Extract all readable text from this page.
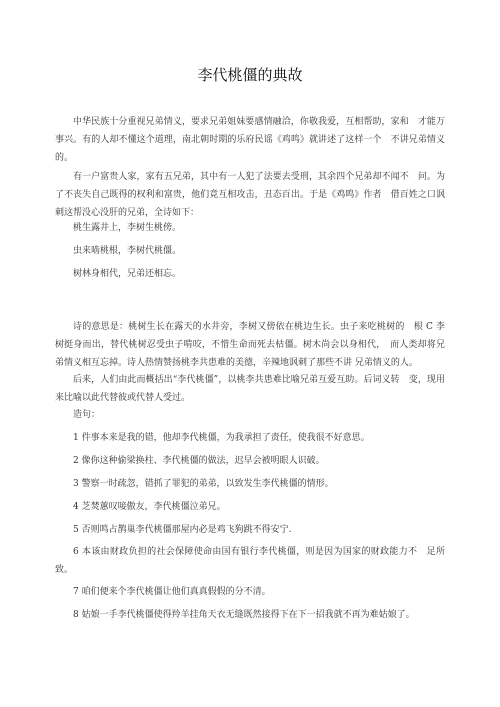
李代桃僵的典故
中华民族十分重视兄弟情义，要求兄弟姐妹要感情融洽，你敬我爱，互相帮助，家和　才能万事兴。有的人却不懂这个道理，南北朝时期的乐府民谣《鸡鸣》就讲述了这样一个　不讲兄弟情义的。
有一户富贵人家，家有五兄弟，其中有一人犯了法要去受刑，其余四个兄弟却不闻不　问。为了不丧失自己既得的权利和富贵，他们竟互相攻击，丑态百出。于是《鸡鸣》作者　借百姓之口讽刺这帮没心没肝的兄弟，全诗如下：
桃生露井上，李树生桃傍。
虫来啮桃根，李树代桃僵。
树林身相代，兄弟还相忘。
诗的意思是：桃树生长在露天的水井旁，李树又傍依在桃边生长。虫子来吃桃树的　根 C 李树挺身而出，替代桃树忍受虫子啃咬，不惜生命而死去枯僵。树木尚会以身相代，　而人类却将兄弟情义相互忘掉。诗人热情赞扬桃李共患难的美德，辛辣地讽刺了那些不讲 兄弟情义的人。
后来，人们由此而概括出“李代桃僵”，以桃李共患难比喻兄弟互爱互助。后词义转　变，现用来比喻以此代替彼或代替人受过。
造句：
1 件事本来是我的错，他却李代桃僵，为我承担了责任，使我很不好意思。
2 像你这种偷梁换柱、李代桃僵的做法，迟早会被明眼人识破。
3 警察一时疏忽，错抓了罪犯的弟弟，以致发生李代桃僵的情形。
4 芝焚蕙叹唼傲友，李代桃僵泣弟兄。
5 否则鸣占鹊巢李代桃僵那屋内必是鸡飞狗跳不得安宁.
6 本该由财政负担的社会保障使命由国有银行李代桃僵，则是因为国家的财政能力不　足所致。
7 咱们便来个李代桃僵让他们真真假假的分不清。
8 姑娘一手李代桃僵使得羚羊挂角天衣无缝既然接得下在下一招我就不再为难姑娘了。
